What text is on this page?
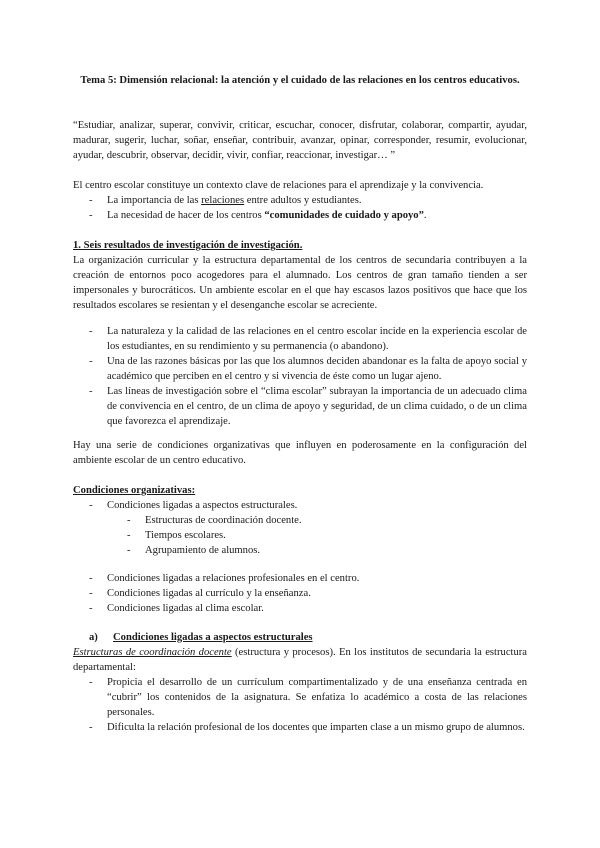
Tema 5: Dimensión relacional: la atención y el cuidado de las relaciones en los centros educativos.
“Estudiar, analizar, superar, convivir, criticar, escuchar, conocer, disfrutar, colaborar, compartir, ayudar, madurar, sugerir, luchar, soñar, enseñar, contribuir, avanzar, opinar, corresponder, resumir, evolucionar, ayudar, descubrir, observar, decidir, vivir, confiar, reaccionar, investigar… ”
El centro escolar constituye un contexto clave de relaciones para el aprendizaje y la convivencia.
- La importancia de las relaciones entre adultos y estudiantes.
- La necesidad de hacer de los centros “comunidades de cuidado y apoyo”.
1. Seis resultados de investigación de investigación.
La organización curricular y la estructura departamental de los centros de secundaria contribuyen a la creación de entornos poco acogedores para el alumnado. Los centros de gran tamaño tienden a ser impersonales y burocráticos. Un ambiente escolar en el que hay escasos lazos positivos que hace que los resultados escolares se resientan y el desenganche escolar se acreciente.
- La naturaleza y la calidad de las relaciones en el centro escolar incide en la experiencia escolar de los estudiantes, en su rendimiento y su permanencia (o abandono).
- Una de las razones básicas por las que los alumnos deciden abandonar es la falta de apoyo social y académico que perciben en el centro y si vivencia de éste como un lugar ajeno.
- Las líneas de investigación sobre el “clima escolar” subrayan la importancia de un adecuado clima de convivencia en el centro, de un clima de apoyo y seguridad, de un clima cuidado, o de un clima que favorezca el aprendizaje.
Hay una serie de condiciones organizativas que influyen en poderosamente en la configuración del ambiente escolar de un centro educativo.
Condiciones organizativas:
- Condiciones ligadas a aspectos estructurales.
- Estructuras de coordinación docente.
- Tiempos escolares.
- Agrupamiento de alumnos.
- Condiciones ligadas a relaciones profesionales en el centro.
- Condiciones ligadas al currículo y la enseñanza.
- Condiciones ligadas al clima escolar.
a) Condiciones ligadas a aspectos estructurales
Estructuras de coordinación docente (estructura y procesos). En los institutos de secundaria la estructura departamental:
- Propicia el desarrollo de un currículum compartimentalizado y de una enseñanza centrada en “cubrir” los contenidos de la asignatura. Se enfatiza lo académico a costa de las relaciones personales.
- Dificulta la relación profesional de los docentes que imparten clase a un mismo grupo de alumnos.
